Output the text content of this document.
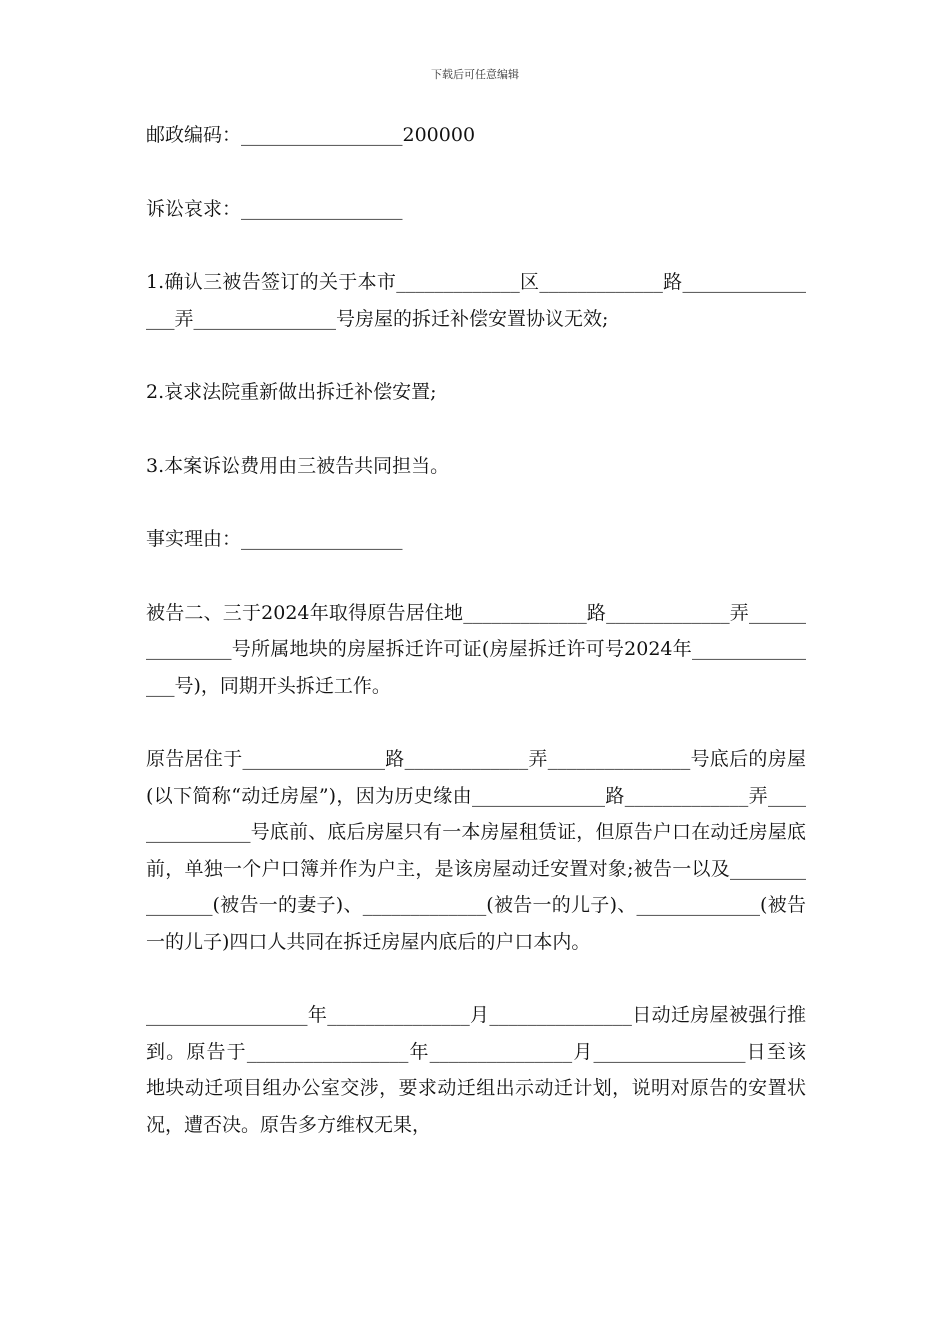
下载后可任意编辑

邮政编码：_________________200000

诉讼哀求：_________________

1.确认三被告签订的关于本市_____________区_____________路________________弄_______________号房屋的拆迁补偿安置协议无效;

2.哀求法院重新做出拆迁补偿安置;

3.本案诉讼费用由三被告共同担当。

事实理由：_________________

被告二、三于2024年取得原告居住地_____________路_____________弄_______________号所属地块的房屋拆迁许可证(房屋拆迁许可号2024年_______________号)，同期开头拆迁工作。

原告居住于_______________路_____________弄_______________号底后的房屋(以下简称“动迁房屋”)，因为历史缘由______________路_____________弄_______________号底前、底后房屋只有一本房屋租赁证，但原告户口在动迁房屋底前，单独一个户口簿并作为户主，是该房屋动迁安置对象;被告一以及_______________(被告一的妻子)、_____________(被告一的儿子)、_____________(被告一的儿子)四口人共同在拆迁房屋内底后的户口本内。

_________________年_______________月_______________日动迁房屋被强行推到。原告于_________________年_______________月________________日至该地块动迁项目组办公室交涉，要求动迁组出示动迁计划，说明对原告的安置状况，遭否决。原告多方维权无果，
